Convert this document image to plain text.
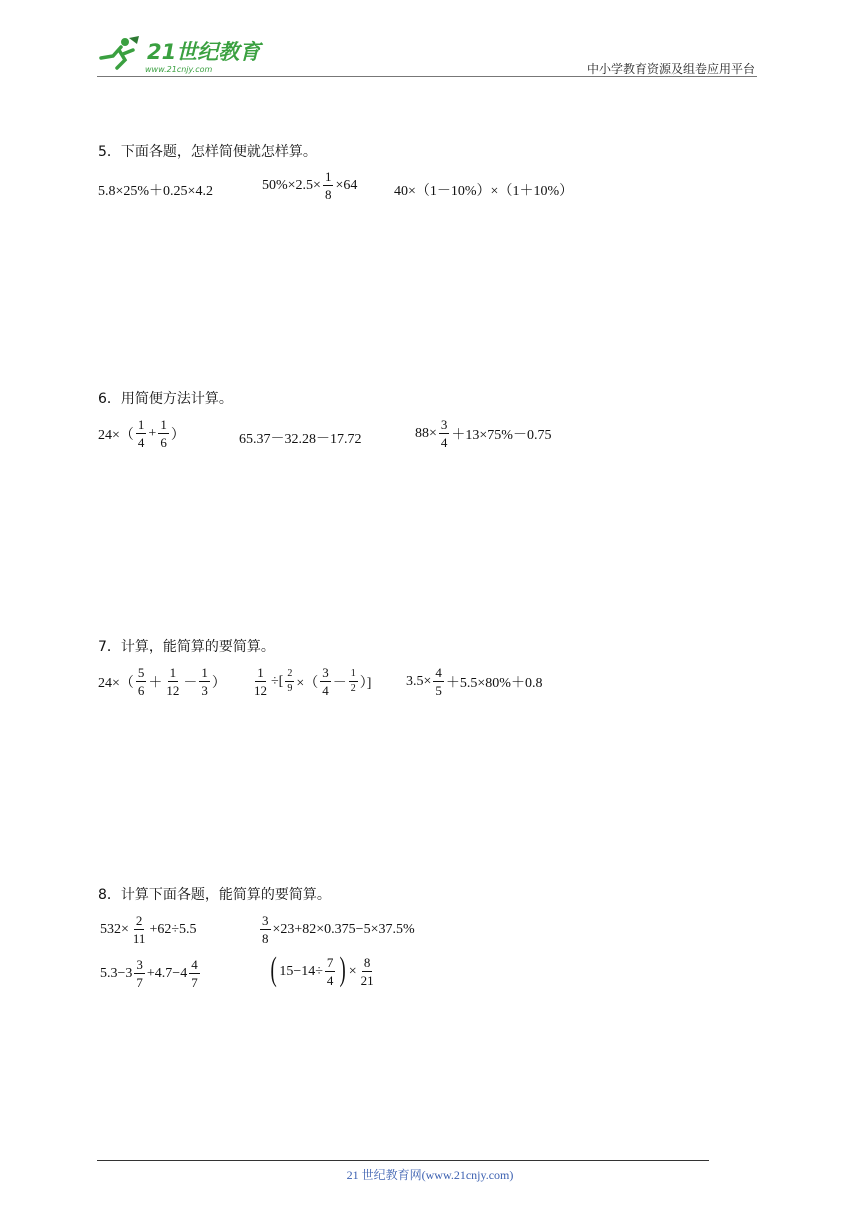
21世纪教育
www.21cnjy.com	中小学教育资源及组卷应用平台
5．下面各题，怎样简便就怎样算。
5.8×25%＋0.25×4.2	$50\%\times 2.5\times \frac{1}{8} \times 64$	40×（1－10%）×（1＋10%）
6．用简便方法计算。
$24\times( \frac{1}{4} + \frac{1}{6}$ ）	65.37－32.28－17.72	$88\times \frac{3}{4} +13\times 75\%-0.75$
7．计算，能简算的要简算。
$24\times( \frac{5}{6} + \frac{1}{12} - \frac{1}{3}$ ） $\frac{1}{12}$ ÷[ $\frac{2}{9}$ ×（ $\frac{3}{4} - \frac{1}{2}$ ）] $3.5\times \frac{4}{5} +5.5\times 80\%+0.8$
8．计算下面各题，能简算的要简算。
$532\times \frac{2}{11} +62\div 5.5$	$\frac{3}{8} \times 23+82\times 0.375-5\times 37.5\%$
$5.3-3 \frac{3}{7} +4.7-4 \frac{4}{7}$ ( $15-14\div \frac{7}{4}$ ) × $\frac{8}{21}$
21 世纪教育网(www.21cnjy.com)
